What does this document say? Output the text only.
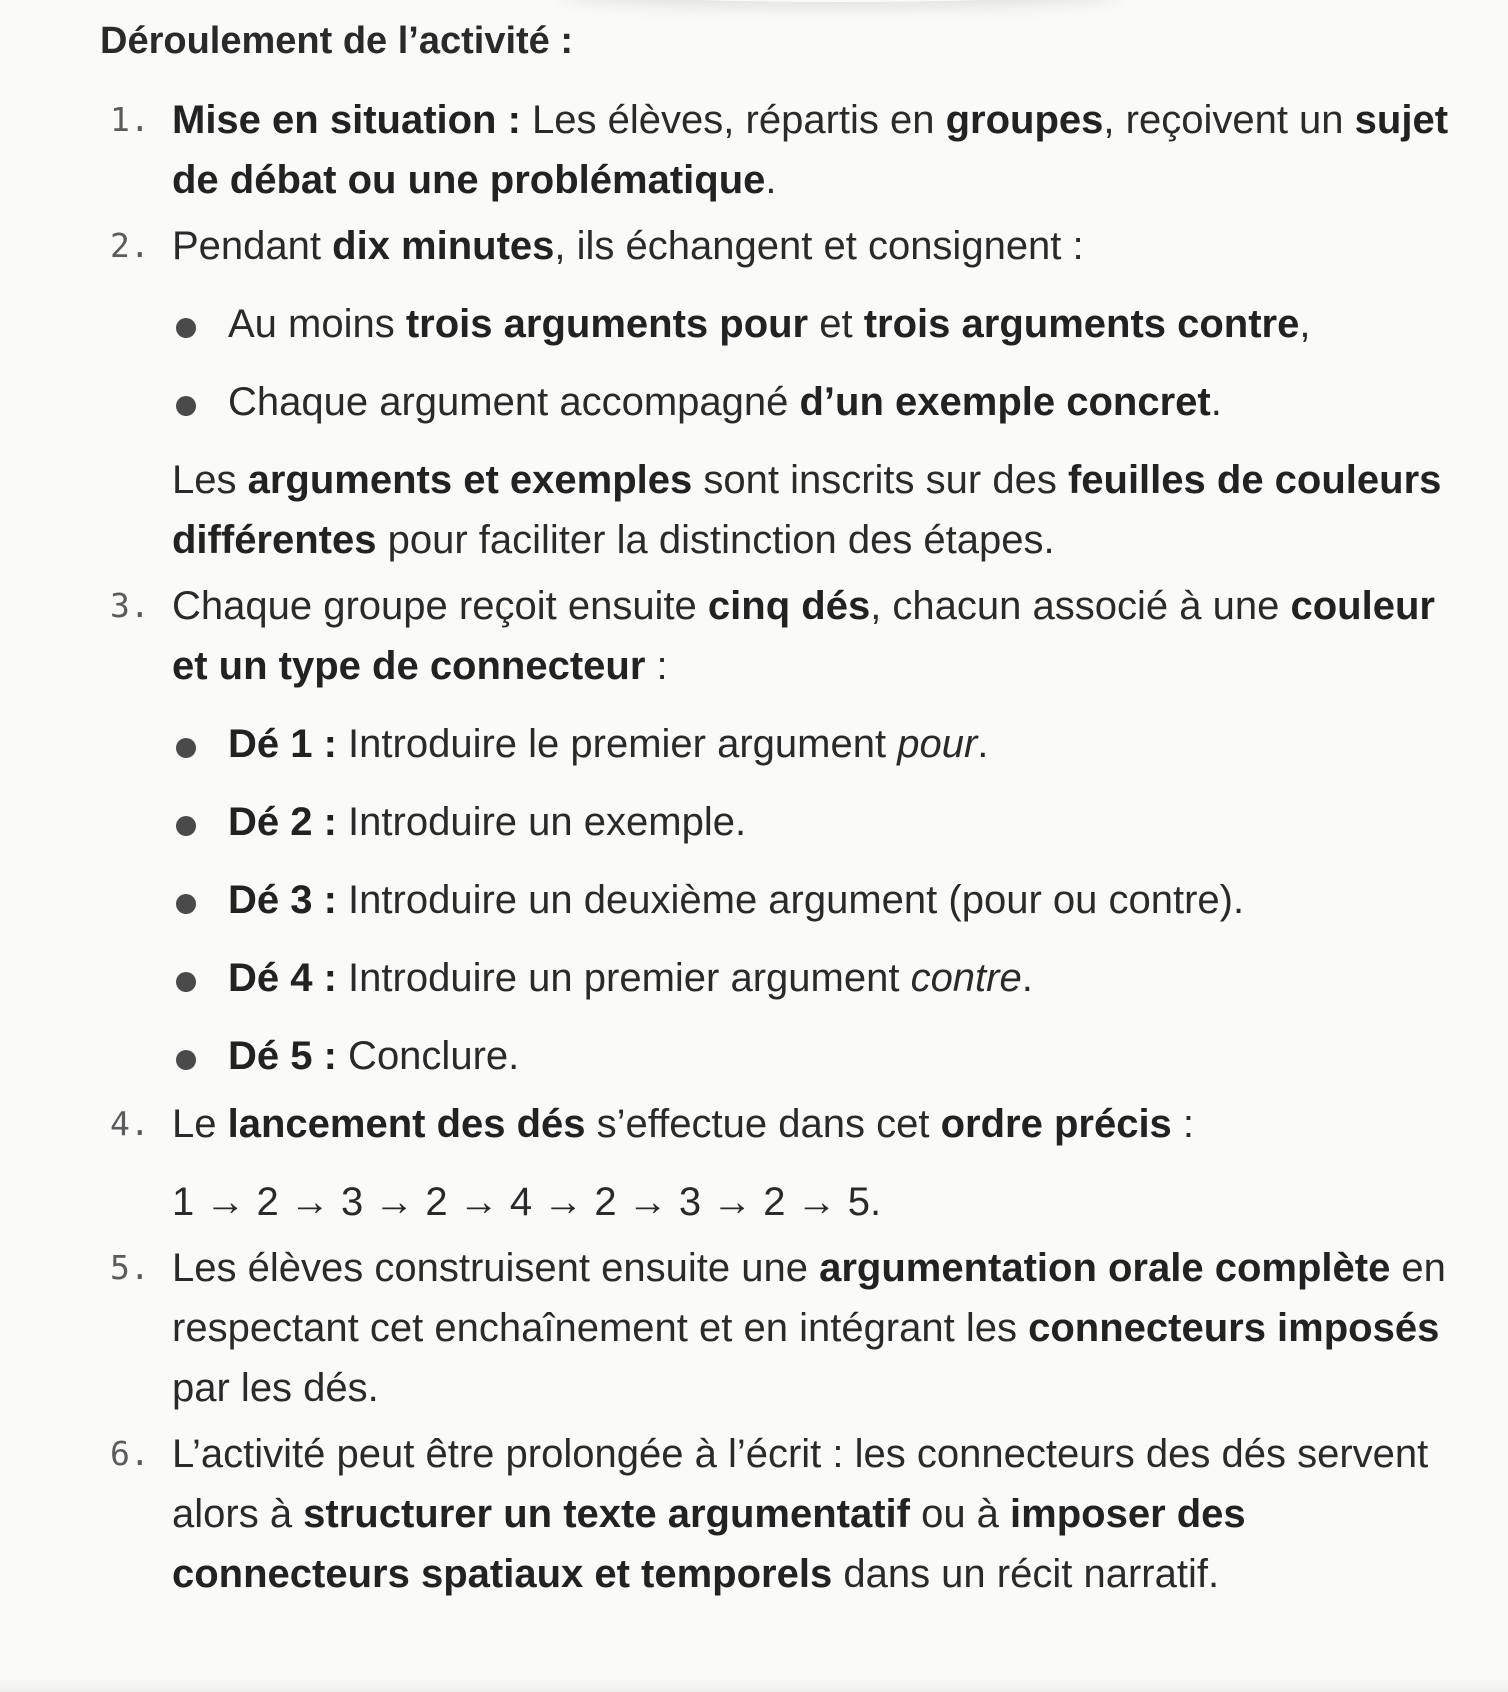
Déroulement de l’activité :
1. Mise en situation : Les élèves, répartis en groupes, reçoivent un sujet de débat ou une problématique.

2. Pendant dix minutes, ils échangent et consignent :

Au moins trois arguments pour et trois arguments contre,
Chaque argument accompagné d’un exemple concret.

Les arguments et exemples sont inscrits sur des feuilles de couleurs différentes pour faciliter la distinction des étapes.

3. Chaque groupe reçoit ensuite cinq dés, chacun associé à une couleur et un type de connecteur :

Dé 1 : Introduire le premier argument pour.
Dé 2 : Introduire un exemple.
Dé 3 : Introduire un deuxième argument (pour ou contre).
Dé 4 : Introduire un premier argument contre.
Dé 5 : Conclure.
4. Le lancement des dés s’effectue dans cet ordre précis :

1 → 2 → 3 → 2 → 4 → 2 → 3 → 2 → 5.

5. Les élèves construisent ensuite une argumentation orale complète en respectant cet enchaînement et en intégrant les connecteurs imposés par les dés.

6. L’activité peut être prolongée à l’écrit : les connecteurs des dés servent alors à structurer un texte argumentatif ou à imposer des connecteurs spatiaux et temporels dans un récit narratif.
